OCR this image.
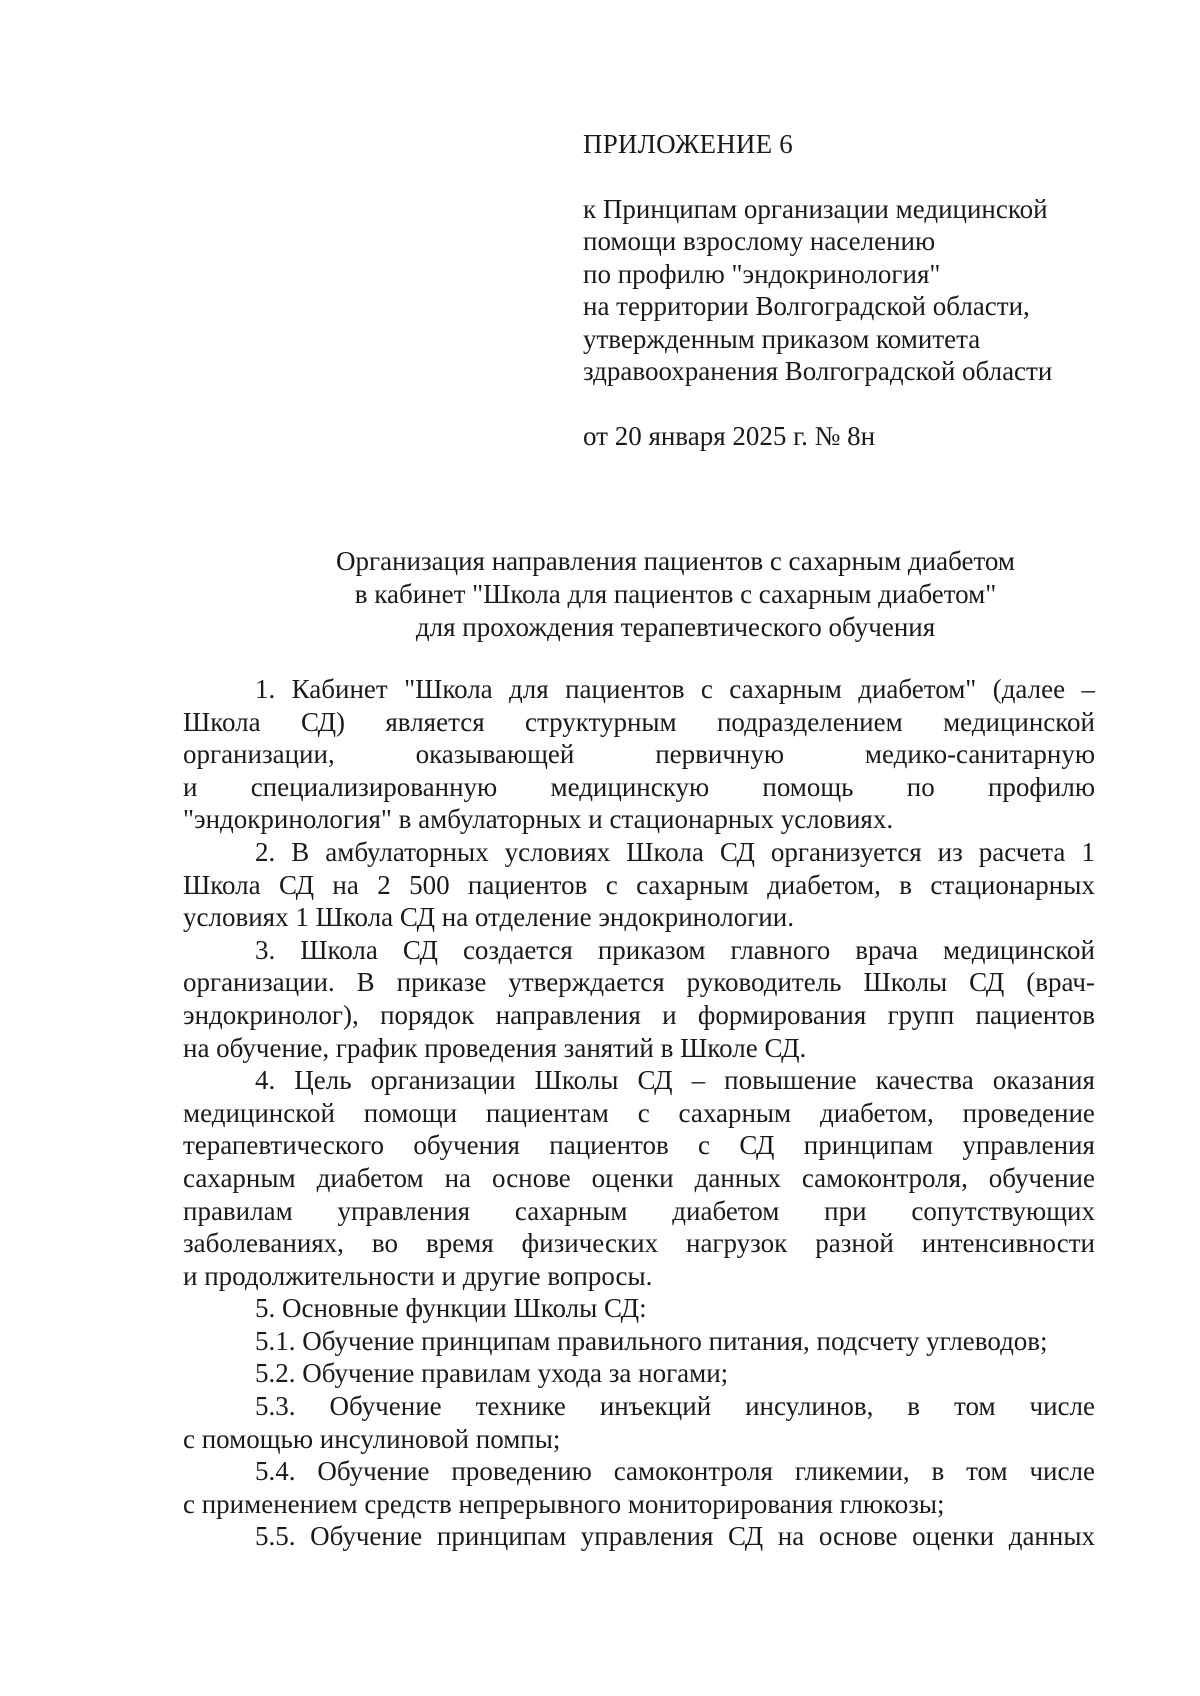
ПРИЛОЖЕНИЕ 6
к Принципам организации медицинской
помощи взрослому населению
по профилю "эндокринология"
на территории Волгоградской области,
утвержденным приказом комитета
здравоохранения Волгоградской области
от 20 января 2025 г. № 8н
Организация направления пациентов с сахарным диабетом
в кабинет "Школа для пациентов с сахарным диабетом"
для прохождения терапевтического обучения
1. Кабинет "Школа для пациентов с сахарным диабетом" (далее –
Школа СД) является структурным подразделением медицинской
организации,	оказывающей	первичную	медико-санитарную
и специализированную медицинскую помощь по профилю
"эндокринология" в амбулаторных и стационарных условиях.
2. В амбулаторных условиях Школа СД организуется из расчета 1
Школа СД на 2 500 пациентов с сахарным диабетом, в стационарных
условиях 1 Школа СД на отделение эндокринологии.
3. Школа СД создается приказом главного врача медицинской
организации. В приказе утверждается руководитель Школы СД (врач-
эндокринолог), порядок направления и формирования групп пациентов
на обучение, график проведения занятий в Школе СД.
4. Цель организации Школы СД – повышение качества оказания
медицинской помощи пациентам с сахарным диабетом, проведение
терапевтического обучения пациентов с СД принципам управления
сахарным диабетом на основе оценки данных самоконтроля, обучение
правилам управления сахарным диабетом при сопутствующих
заболеваниях, во время физических нагрузок разной интенсивности
и продолжительности и другие вопросы.
5. Основные функции Школы СД:
5.1. Обучение принципам правильного питания, подсчету углеводов;
5.2. Обучение правилам ухода за ногами;
5.3. Обучение технике инъекций инсулинов, в том числе
с помощью инсулиновой помпы;
5.4. Обучение проведению самоконтроля гликемии, в том числе
с применением средств непрерывного мониторирования глюкозы;
5.5. Обучение принципам управления СД на основе оценки данных
